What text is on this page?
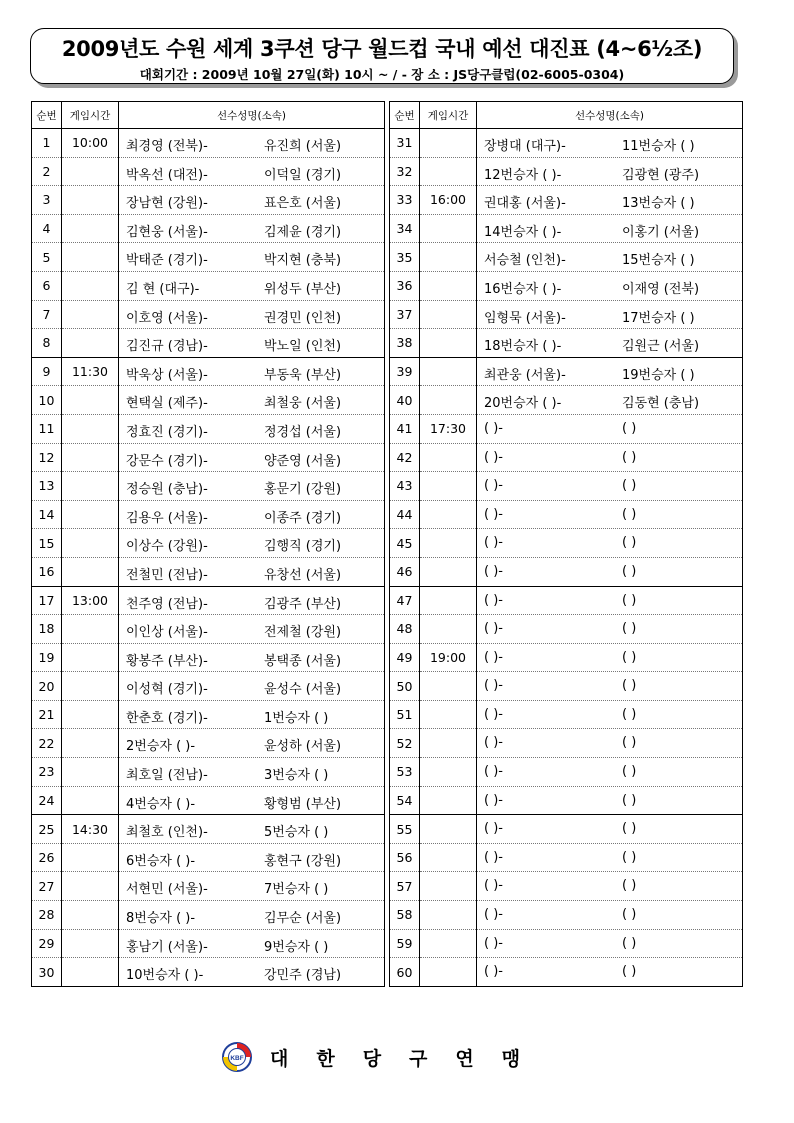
2009년도 수원 세계 3쿠션 당구 월드컵 국내 예선 대진표 (4~6½조)
대회기간 : 2009년 10월 27일(화) 10시 ~ / - 장 소 : JS당구클럽(02-6005-0304)
순번	게임시간	선수성명(소속)
1	10:00	최경영 (전북)- 유진희 (서울)

2		박옥선 (대전)- 이덕일 (경기)

3		장남현 (강원)- 표은호 (서울)

4		김현웅 (서울)- 김제윤 (경기)

5		박태준 (경기)- 박지현 (충북)

6		김 현 (대구)- 위성두 (부산)

7		이호영 (서울)- 권경민 (인천)

8		김진규 (경남)- 박노일 (인천)

9	11:30	박욱상 (서울)- 부동욱 (부산)

10		현택실 (제주)- 최철웅 (서울)

11		정효진 (경기)- 정경섭 (서울)

12		강문수 (경기)- 양준영 (서울)

13		정승원 (충남)- 홍문기 (강원)

14		김용우 (서울)- 이종주 (경기)

15		이상수 (강원)- 김행직 (경기)

16		전철민 (전남)- 유창선 (서울)

17	13:00	천주영 (전남)- 김광주 (부산)

18		이인상 (서울)- 전제철 (강원)

19		황봉주 (부산)- 봉택종 (서울)

20		이성혁 (경기)- 윤성수 (서울)

21		한춘호 (경기)- 1번승자 ( )

22		2번승자 ( )- 윤성하 (서울)

23		최호일 (전남)- 3번승자 ( )

24		4번승자 ( )- 황형범 (부산)

25	14:30	최철호 (인천)- 5번승자 ( )

26		6번승자 ( )- 홍현구 (강원)

27		서현민 (서울)- 7번승자 ( )

28		8번승자 ( )- 김무순 (서울)

29		홍남기 (서울)- 9번승자 ( )

30		10번승자 ( )- 강민주 (경남)
순번	게임시간	선수성명(소속)
31		장병대 (대구)- 11번승자 ( )

32		12번승자 ( )- 김광현 (광주)

33	16:00	권대홍 (서울)- 13번승자 ( )

34		14번승자 ( )- 이홍기 (서울)

35		서승철 (인천)- 15번승자 ( )

36		16번승자 ( )- 이재영 (전북)

37		임형묵 (서울)- 17번승자 ( )

38		18번승자 ( )- 김원근 (서울)

39		최관웅 (서울)- 19번승자 ( )

40		20번승자 ( )- 김동현 (충남)

41	17:30	( )- ( )

42		( )- ( )

43		( )- ( )

44		( )- ( )

45		( )- ( )

46		( )- ( )

47		( )- ( )

48		( )- ( )

49	19:00	( )- ( )

50		( )- ( )

51		( )- ( )

52		( )- ( )

53		( )- ( )

54		( )- ( )

55		( )- ( )

56		( )- ( )

57		( )- ( )

58		( )- ( )

59		( )- ( )

60		( )- ( )
KBF 대한당구연맹
